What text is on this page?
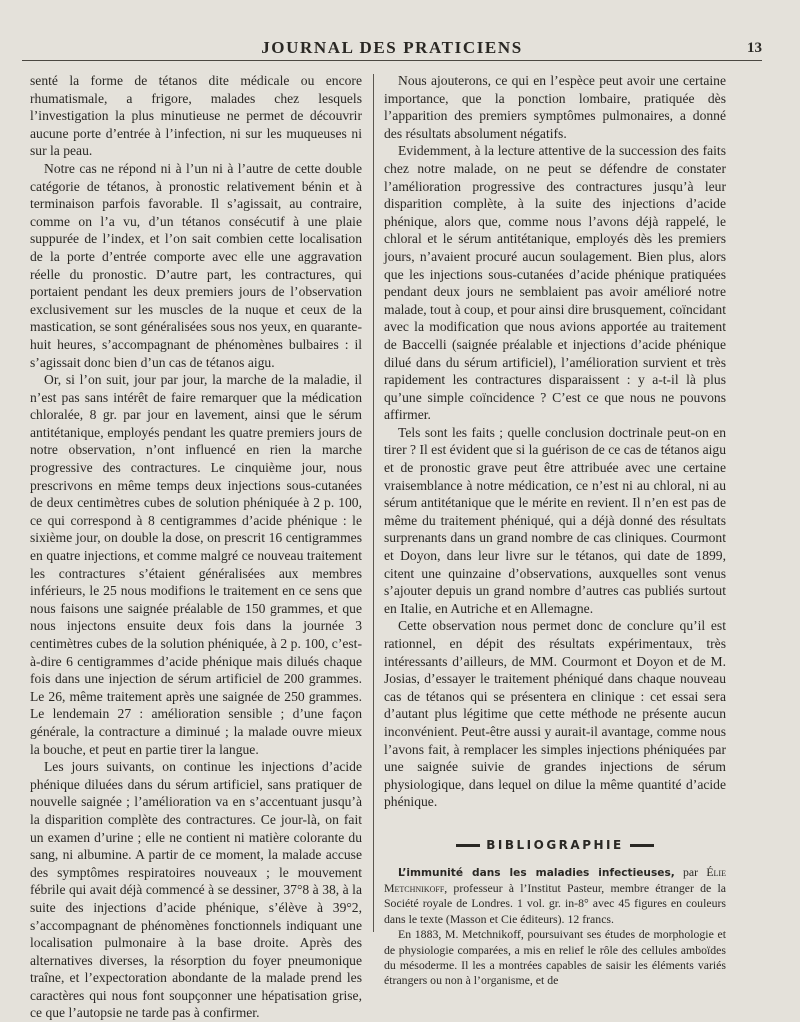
JOURNAL DES PRATICIENS	13

senté la forme de tétanos dite médicale ou encore rhumatismale, a frigore, malades chez lesquels l’investigation la plus minutieuse ne permet de découvrir aucune porte d’entrée à l’infection, ni sur les muqueuses ni sur la peau.

Notre cas ne répond ni à l’un ni à l’autre de cette double catégorie de tétanos, à pronostic relativement bénin et à terminaison parfois favorable. Il s’agissait, au contraire, comme on l’a vu, d’un tétanos consécutif à une plaie suppurée de l’index, et l’on sait combien cette localisation de la porte d’entrée comporte avec elle une aggravation réelle du pronostic. D’autre part, les contractures, qui portaient pendant les deux premiers jours de l’observation exclusivement sur les muscles de la nuque et ceux de la mastication, se sont généralisées sous nos yeux, en quarante-huit heures, s’accompagnant de phénomènes bulbaires : il s’agissait donc bien d’un cas de tétanos aigu.

Or, si l’on suit, jour par jour, la marche de la maladie, il n’est pas sans intérêt de faire remarquer que la médication chloralée, 8 gr. par jour en lavement, ainsi que le sérum antitétanique, employés pendant les quatre premiers jours de notre observation, n’ont influencé en rien la marche progressive des contractures. Le cinquième jour, nous prescrivons en même temps deux injections sous-cutanées de deux centimètres cubes de solution phéniquée à 2 p. 100, ce qui correspond à 8 centigrammes d’acide phénique : le sixième jour, on double la dose, on prescrit 16 centigrammes en quatre injections, et comme malgré ce nouveau traitement les contractures s’étaient généralisées aux membres inférieurs, le 25 nous modifions le traitement en ce sens que nous faisons une saignée préalable de 150 grammes, et que nous injectons ensuite deux fois dans la journée 3 centimètres cubes de la solution phéniquée, à 2 p. 100, c’est-à-dire 6 centigrammes d’acide phénique mais dilués chaque fois dans une injection de sérum artificiel de 200 grammes. Le 26, même traitement après une saignée de 250 grammes. Le lendemain 27 : amélioration sensible ; d’une façon générale, la contracture a diminué ; la malade ouvre mieux la bouche, et peut en partie tirer la langue.

Les jours suivants, on continue les injections d’acide phénique diluées dans du sérum artificiel, sans pratiquer de nouvelle saignée ; l’amélioration va en s’accentuant jusqu’à la disparition complète des contractures. Ce jour-là, on fait un examen d’urine ; elle ne contient ni matière colorante du sang, ni albumine. A partir de ce moment, la malade accuse des symptômes respiratoires nouveaux ; le mouvement fébrile qui avait déjà commencé à se dessiner, 37°8 à 38, à la suite des injections d’acide phénique, s’élève à 39°2, s’accompagnant de phénomènes fonctionnels indiquant une localisation pulmonaire à la base droite. Après des alternatives diverses, la résorption du foyer pneumonique traîne, et l’expectoration abondante de la malade prend les caractères qui nous font soupçonner une hépatisation grise, ce que l’autopsie ne tarde pas à confirmer.

Nous ajouterons, ce qui en l’espèce peut avoir une certaine importance, que la ponction lombaire, pratiquée dès l’apparition des premiers symptômes pulmonaires, a donné des résultats absolument négatifs.

Evidemment, à la lecture attentive de la succession des faits chez notre malade, on ne peut se défendre de constater l’amélioration progressive des contractures jusqu’à leur disparition complète, à la suite des injections d’acide phénique, alors que, comme nous l’avons déjà rappelé, le chloral et le sérum antitétanique, employés dès les premiers jours, n’avaient procuré aucun soulagement. Bien plus, alors que les injections sous-cutanées d’acide phénique pratiquées pendant deux jours ne semblaient pas avoir amélioré notre malade, tout à coup, et pour ainsi dire brusquement, coïncidant avec la modification que nous avions apportée au traitement de Baccelli (saignée préalable et injections d’acide phénique dilué dans du sérum artificiel), l’amélioration survient et très rapidement les contractures disparaissent : y a-t-il là plus qu’une simple coïncidence ? C’est ce que nous ne pouvons affirmer.

Tels sont les faits ; quelle conclusion doctrinale peut-on en tirer ? Il est évident que si la guérison de ce cas de tétanos aigu et de pronostic grave peut être attribuée avec une certaine vraisemblance à notre médication, ce n’est ni au chloral, ni au sérum antitétanique que le mérite en revient. Il n’en est pas de même du traitement phéniqué, qui a déjà donné des résultats surprenants dans un grand nombre de cas cliniques. Courmont et Doyon, dans leur livre sur le tétanos, qui date de 1899, citent une quinzaine d’observations, auxquelles sont venus s’ajouter depuis un grand nombre d’autres cas publiés surtout en Italie, en Autriche et en Allemagne.

Cette observation nous permet donc de conclure qu’il est rationnel, en dépit des résultats expérimentaux, très intéressants d’ailleurs, de MM. Courmont et Doyon et de M. Josias, d’essayer le traitement phéniqué dans chaque nouveau cas de tétanos qui se présentera en clinique : cet essai sera d’autant plus légitime que cette méthode ne présente aucun inconvénient. Peut-être aussi y aurait-il avantage, comme nous l’avons fait, à remplacer les simples injections phéniquées par une saignée suivie de grandes injections de sérum physiologique, dans lequel on dilue la même quantité d’acide phénique.

BIBLIOGRAPHIE

L’immunité dans les maladies infectieuses, par Élie Metchnikoff, professeur à l’Institut Pasteur, membre étranger de la Société royale de Londres. 1 vol. gr. in-8° avec 45 figures en couleurs dans le texte (Masson et Cie éditeurs). 12 francs.

En 1883, M. Metchnikoff, poursuivant ses études de morphologie et de physiologie comparées, a mis en relief le rôle des cellules amboïdes du mésoderme. Il les a montrées capables de saisir les éléments variés étrangers ou non à l’organisme, et de
